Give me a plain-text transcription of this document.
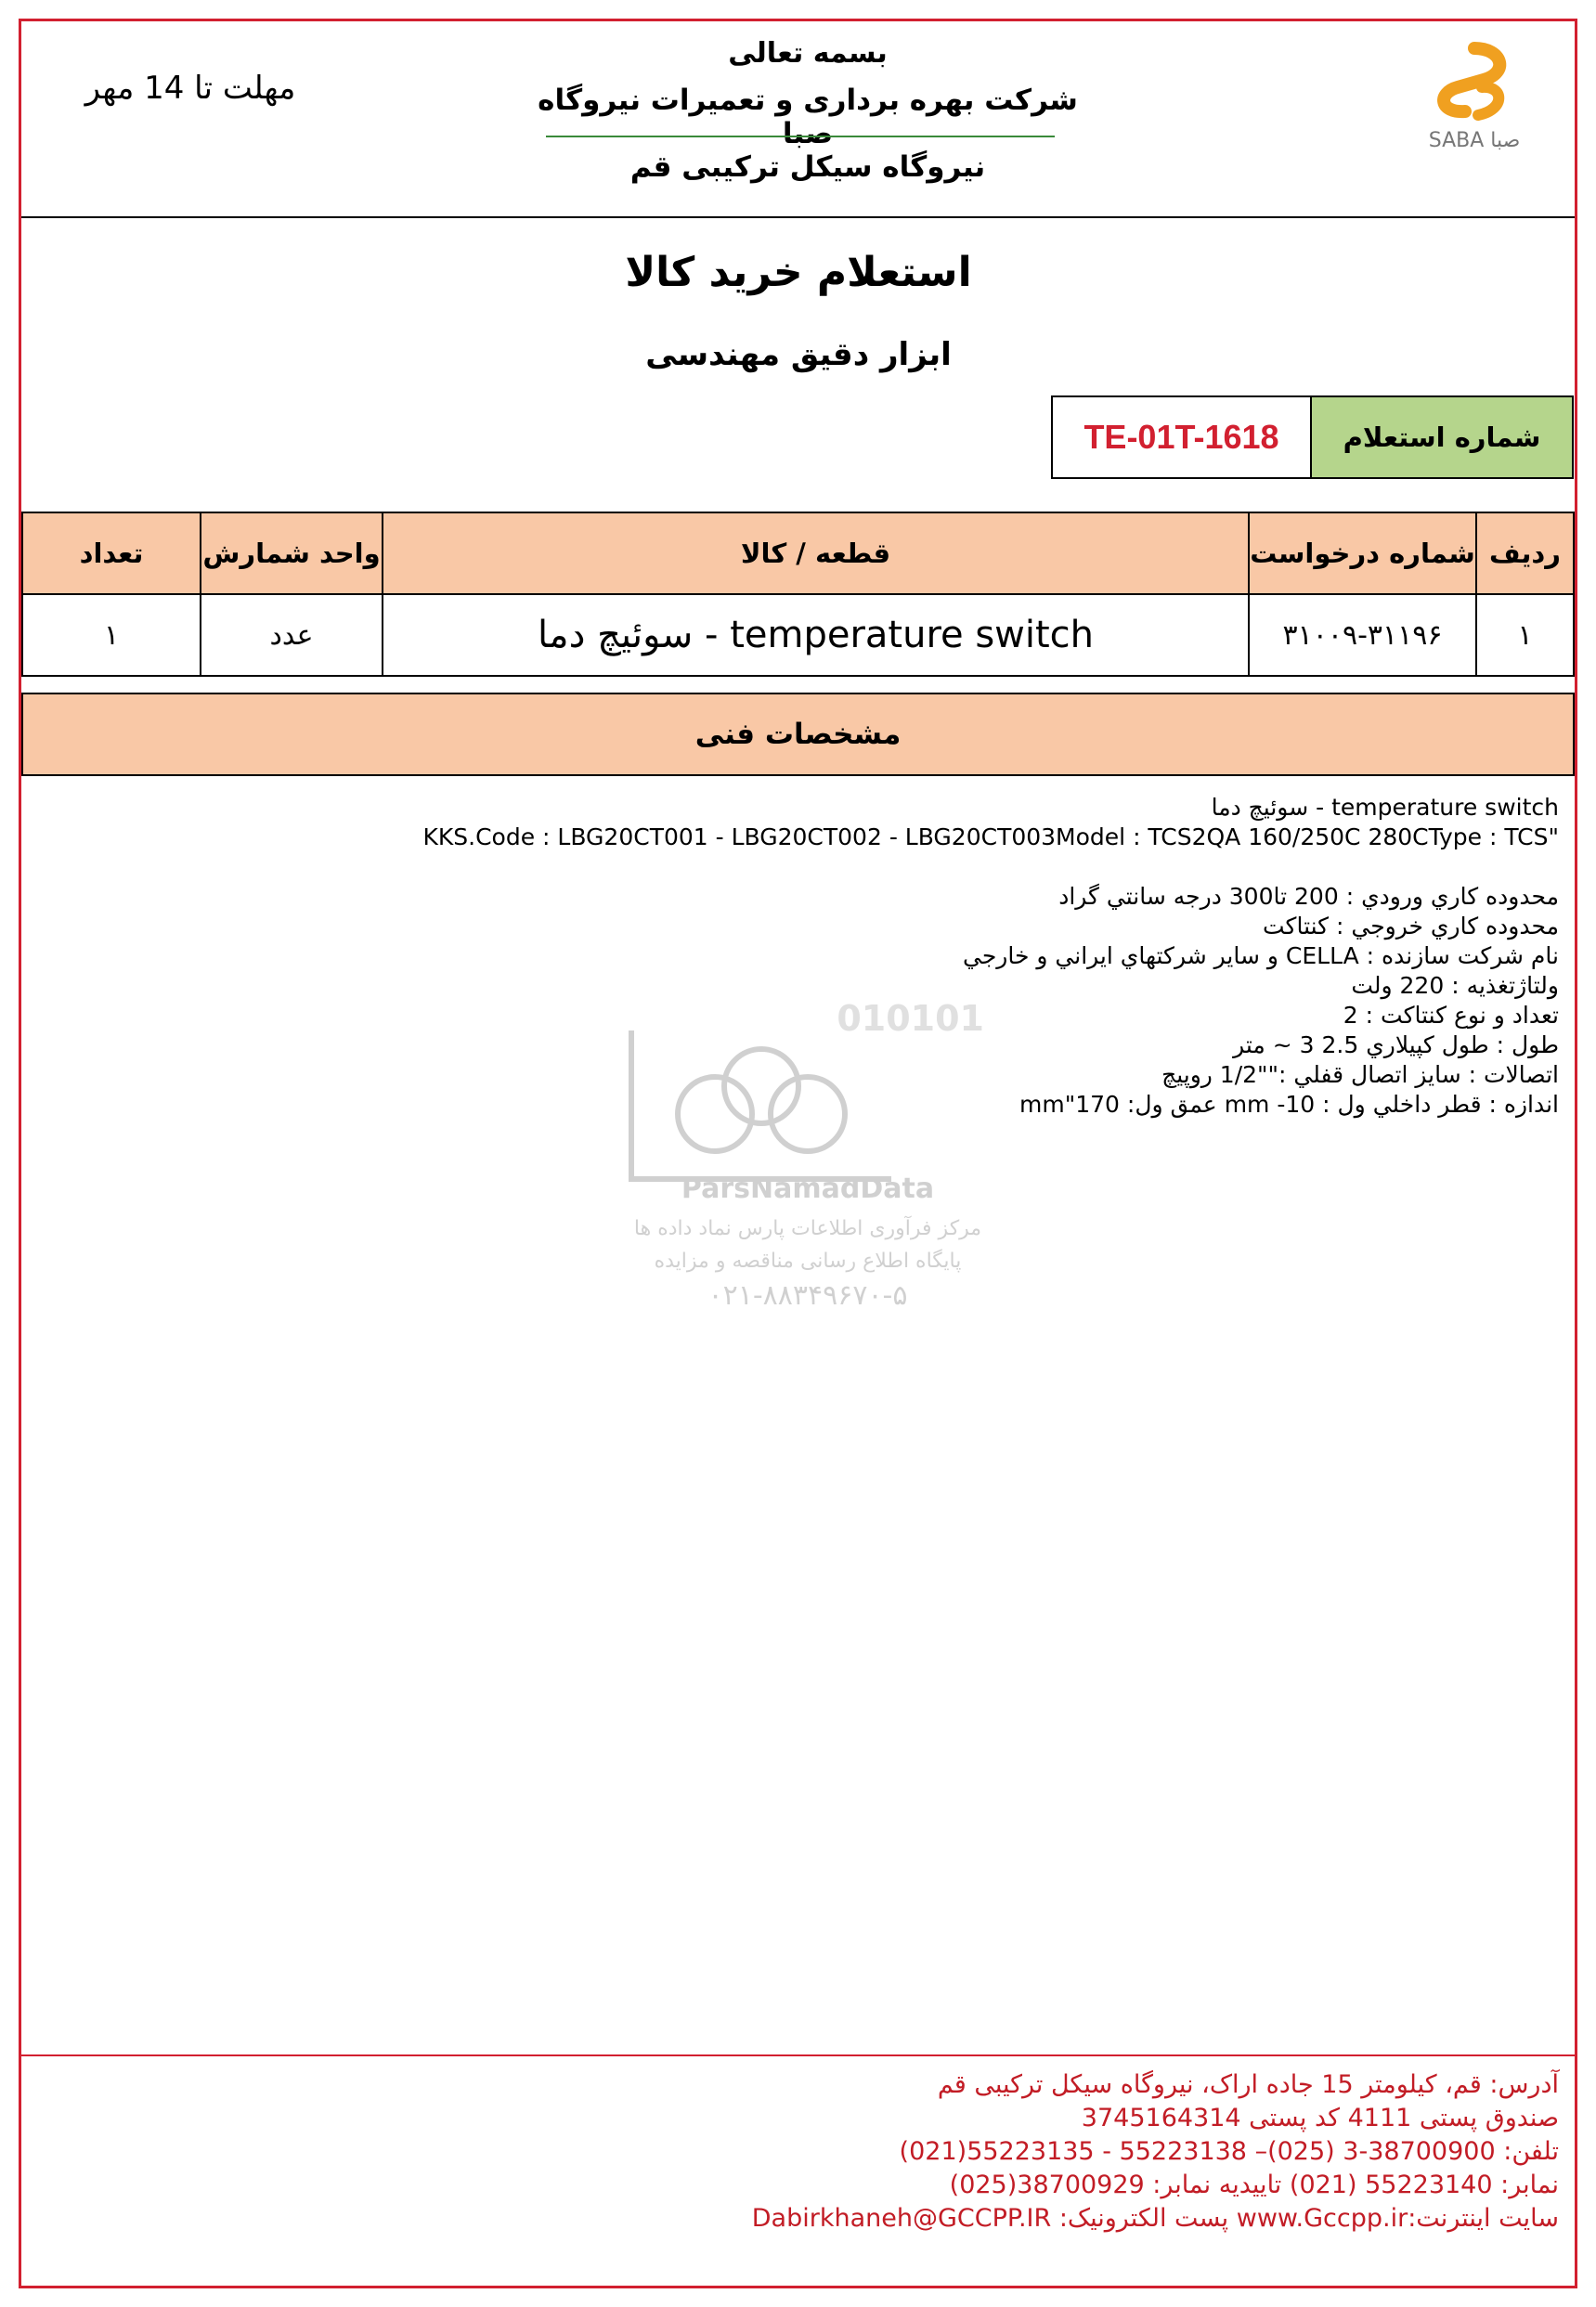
بسمه تعالی
شرکت بهره برداری و تعمیرات نیروگاه صبا
نیروگاه سیکل ترکیبی قم
مهلت تا 14 مهر
SABA صبا
استعلام خرید کالا
ابزار دقیق مهندسی
شماره استعلام
TE-01T-1618
ردیف
شماره درخواست
قطعه / کالا
واحد شمارش
تعداد
۱
۳۱۰۰۹-۳۱۱۹۶
temperature switch - سوئیچ دما
عدد
۱
مشخصات فنی
010101
ParsNamadData
مرکز فرآوری اطلاعات پارس نماد داده ها
پایگاه اطلاع رسانی مناقصه و مزایده
۰۲۱-۸۸۳۴۹۶۷۰-۵
temperature switch - سوئيچ دما
"KKS.Code : LBG20CT001 - LBG20CT002 - LBG20CT003Model : TCS2QA 160/250C 280CType : TCS
محدوده كاري ورودي : 200 تا300 درجه سانتي گراد
محدوده كاري خروجي : كنتاكت
نام شركت سازنده : CELLA و ساير شركتهاي ايراني و خارجي
ولتاژتغذيه : 220 ولت
تعداد و نوع كنتاكت : 2
طول : طول كپيلاري 2.5 3 ~ متر
اتصالات : سايز اتصال قفلي :""1/2 روپيچ
اندازه : قطر داخلي ول : 10- mm عمق ول: 170"mm
آدرس: قم، کیلومتر 15 جاده اراک، نیروگاه سیکل ترکیبی قم
صندوق پستی 4111 کد پستی 3745164314
تلفن: 38700900-3 (025)– 55223138 - 55223135(021)
نمابر: 55223140 (021) تاییدیه نمابر: 38700929(025)
سایت اینترنت:www.Gccpp.ir پست الکترونیک: Dabirkhaneh@GCCPP.IR
